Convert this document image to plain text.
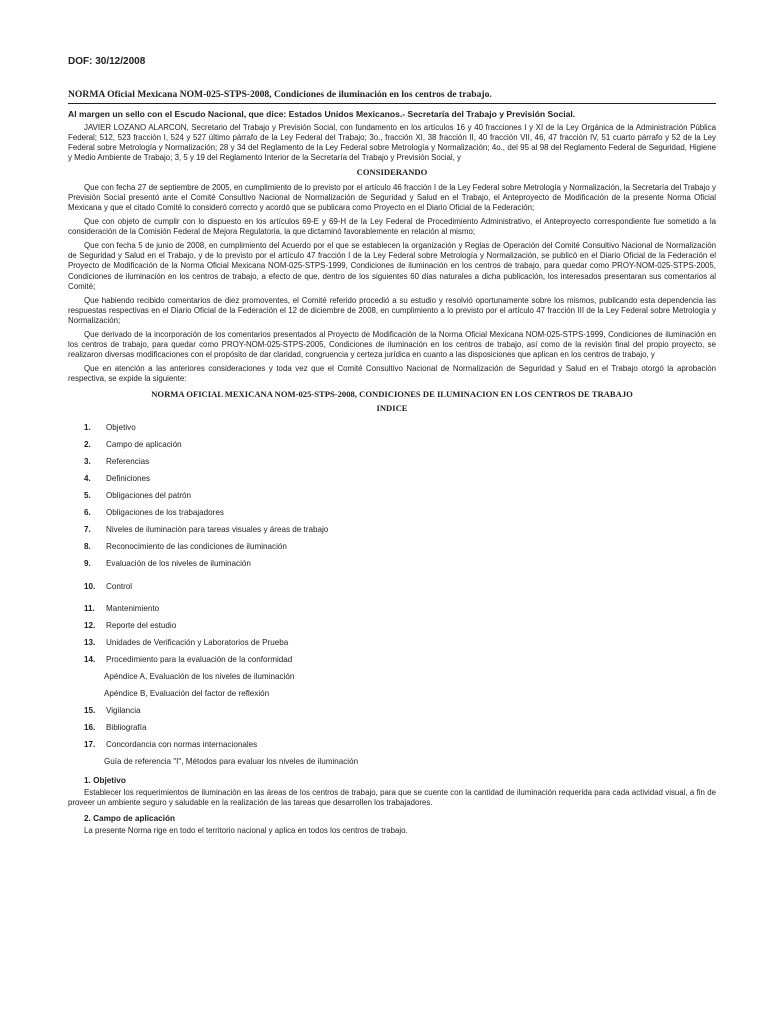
DOF: 30/12/2008
NORMA Oficial Mexicana NOM-025-STPS-2008, Condiciones de iluminación en los centros de trabajo.
Al margen un sello con el Escudo Nacional, que dice: Estados Unidos Mexicanos.- Secretaría del Trabajo y Previsión Social.

JAVIER LOZANO ALARCON, Secretario del Trabajo y Previsión Social, con fundamento en los artículos 16 y 40 fracciones I y XI de la Ley Orgánica de la Administración Pública Federal; 512, 523 fracción I, 524 y 527 último párrafo de la Ley Federal del Trabajo; 3o., fracción XI, 38 fracción II, 40 fracción VII, 46, 47 fracción IV, 51 cuarto párrafo y 52 de la Ley Federal sobre Metrología y Normalización; 28 y 34 del Reglamento de la Ley Federal sobre Metrología y Normalización; 4o., del 95 al 98 del Reglamento Federal de Seguridad, Higiene y Medio Ambiente de Trabajo; 3, 5 y 19 del Reglamento Interior de la Secretaría del Trabajo y Previsión Social, y

CONSIDERANDO

Que con fecha 27 de septiembre de 2005, en cumplimiento de lo previsto por el artículo 46 fracción I de la Ley Federal sobre Metrología y Normalización, la Secretaría del Trabajo y Previsión Social presentó ante el Comité Consultivo Nacional de Normalización de Seguridad y Salud en el Trabajo, el Anteproyecto de Modificación de la presente Norma Oficial Mexicana y que el citado Comité lo consideró correcto y acordó que se publicara como Proyecto en el Diario Oficial de la Federación;

Que con objeto de cumplir con lo dispuesto en los artículos 69-E y 69-H de la Ley Federal de Procedimiento Administrativo, el Anteproyecto correspondiente fue sometido a la consideración de la Comisión Federal de Mejora Regulatoria, la que dictaminó favorablemente en relación al mismo;

Que con fecha 5 de junio de 2008, en cumplimiento del Acuerdo por el que se establecen la organización y Reglas de Operación del Comité Consultivo Nacional de Normalización de Seguridad y Salud en el Trabajo, y de lo previsto por el artículo 47 fracción I de la Ley Federal sobre Metrología y Normalización, se publicó en el Diario Oficial de la Federación el Proyecto de Modificación de la Norma Oficial Mexicana NOM-025-STPS-1999, Condiciones de iluminación en los centros de trabajo, para quedar como PROY-NOM-025-STPS-2005, Condiciones de iluminación en los centros de trabajo, a efecto de que, dentro de los siguientes 60 días naturales a dicha publicación, los interesados presentaran sus comentarios al Comité;

Que habiendo recibido comentarios de diez promoventes, el Comité referido procedió a su estudio y resolvió oportunamente sobre los mismos, publicando esta dependencia las respuestas respectivas en el Diario Oficial de la Federación el 12 de diciembre de 2008, en cumplimiento a lo previsto por el artículo 47 fracción III de la Ley Federal sobre Metrología y Normalización;

Que derivado de la incorporación de los comentarios presentados al Proyecto de Modificación de la Norma Oficial Mexicana NOM-025-STPS-1999, Condiciones de iluminación en los centros de trabajo, para quedar como PROY-NOM-025-STPS-2005, Condiciones de iluminación en los centros de trabajo, así como de la revisión final del propio proyecto, se realizaron diversas modificaciones con el propósito de dar claridad, congruencia y certeza jurídica en cuanto a las disposiciones que aplican en los centros de trabajo, y

Que en atención a las anteriores consideraciones y toda vez que el Comité Consultivo Nacional de Normalización de Seguridad y Salud en el Trabajo otorgó la aprobación respectiva, se expide la siguiente:

NORMA OFICIAL MEXICANA NOM-025-STPS-2008, CONDICIONES DE ILUMINACION EN LOS CENTROS DE TRABAJO
INDICE
1.	Objetivo
2.	Campo de aplicación
3.	Referencias
4.	Definiciones
5.	Obligaciones del patrón
6.	Obligaciones de los trabajadores
7.	Niveles de iluminación para tareas visuales y áreas de trabajo
8.	Reconocimiento de las condiciones de iluminación
9.	Evaluación de los niveles de iluminación
10.	Control
11.	Mantenimiento
12.	Reporte del estudio
13.	Unidades de Verificación y Laboratorios de Prueba
14.	Procedimiento para la evaluación de la conformidad
Apéndice A, Evaluación de los niveles de iluminación
Apéndice B, Evaluación del factor de reflexión
15.	Vigilancia
16.	Bibliografía
17.	Concordancia con normas internacionales
Guía de referencia "I", Métodos para evaluar los niveles de iluminación
1. Objetivo

Establecer los requerimientos de iluminación en las áreas de los centros de trabajo, para que se cuente con la cantidad de iluminación requerida para cada actividad visual, a fin de proveer un ambiente seguro y saludable en la realización de las tareas que desarrollen los trabajadores.

2. Campo de aplicación

La presente Norma rige en todo el territorio nacional y aplica en todos los centros de trabajo.
